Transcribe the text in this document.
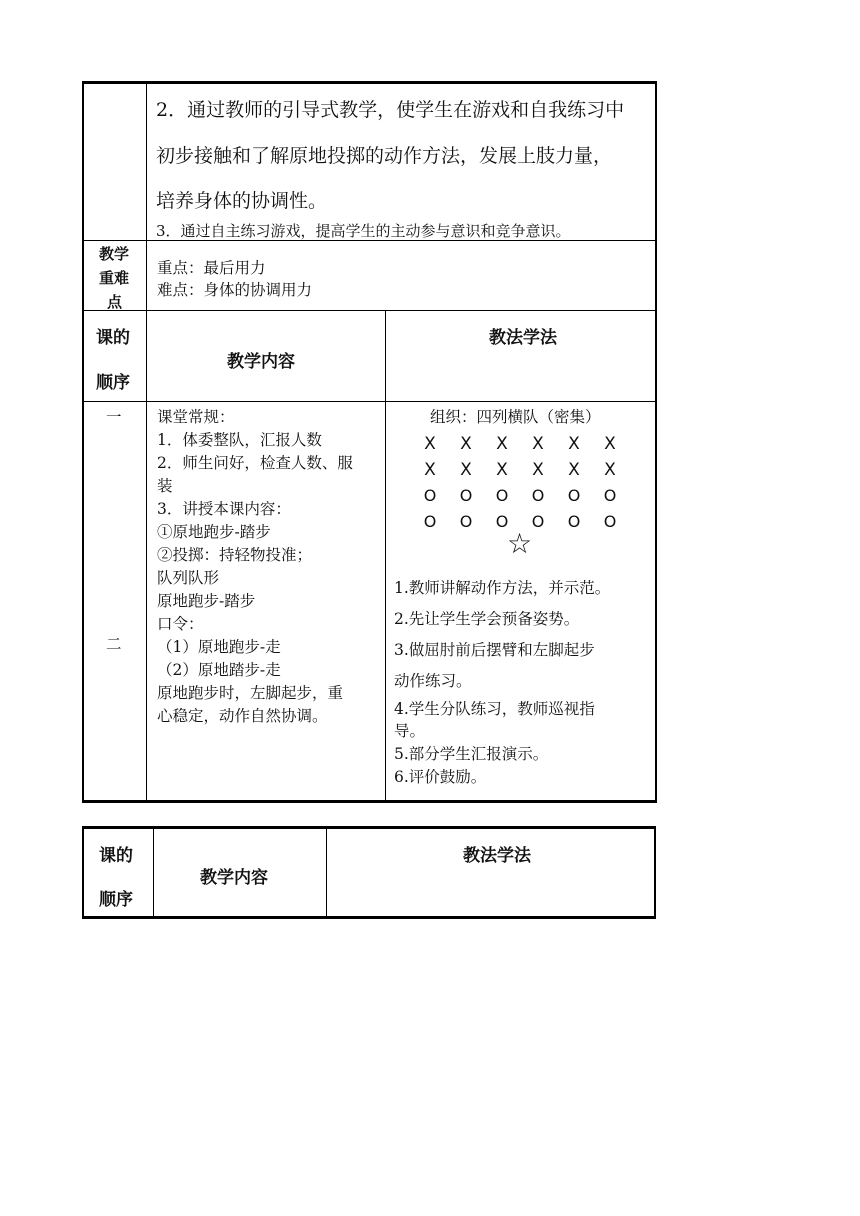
2．通过教师的引导式教学，使学生在游戏和自我练习中
初步接触和了解原地投掷的动作方法，发展上肢力量，
培养身体的协调性。
3．通过自主练习游戏，提高学生的主动参与意识和竞争意识。
教学
重难
点
重点：最后用力
难点：身体的协调用力
课的
顺序
教学内容
教法学法
一
二
课堂常规：
1．体委整队，汇报人数
2．师生问好，检查人数、服
装
3．讲授本课内容：
①原地跑步-踏步
②投掷：持轻物投准；
队列队形
原地跑步-踏步
口令：
（1）原地跑步-走
（2）原地踏步-走
原地跑步时，左脚起步，重
心稳定，动作自然协调。
组织：四列横队（密集）
X X X X X X
X X X X X X
O O O O O O
O O O O O O
☆
1.教师讲解动作方法，并示范。
2.先让学生学会预备姿势。
3.做屈肘前后摆臂和左脚起步
动作练习。
4.学生分队练习，教师巡视指
导。
5.部分学生汇报演示。
6.评价鼓励。
课的
顺序
教学内容
教法学法
